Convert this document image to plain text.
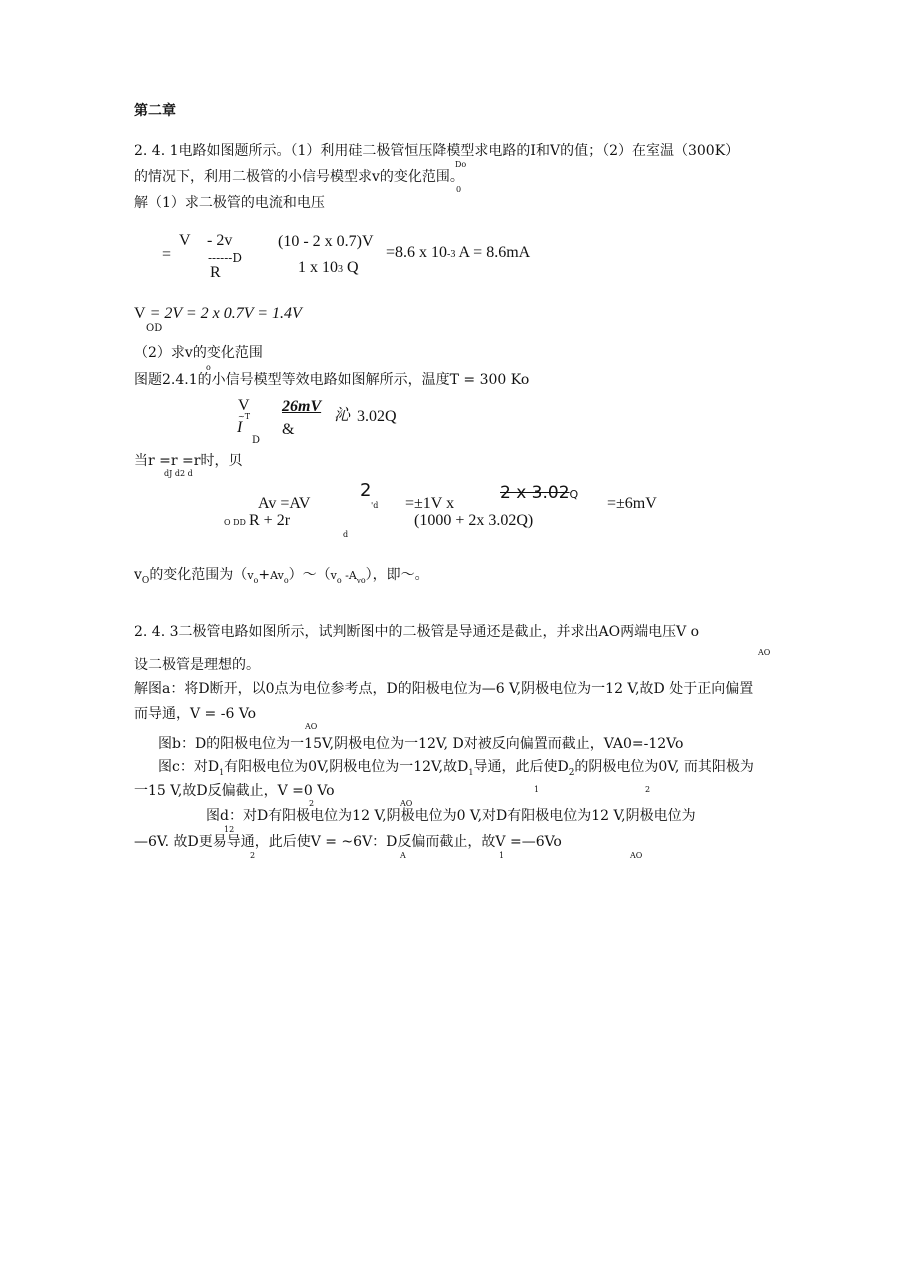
第二章
2. 4. 1电路如图题所示。（1）利用硅二极管恒压降模型求电路的I和V的值；（2）在室温（300K）
Do
的情况下，利用二极管的小信号模型求v的变化范围。
0
解（1）求二极管的电流和电压
=
V - 2v
------D
R
(10 - 2 x 0.7)V
1 x 103 Q
=8.6 x 10-3 A = 8.6mA
V = 2V = 2 x 0.7V = 1.4V
OD
o
（2）求v的变化范围
图题2.4.1的小信号模型等效电路如图解所示，温度T = 300 Ko
V
~T
I
D
26mV
&
沁 3.02Q
当r =r =r时，贝
dJ d2 d
Av =AV
O DD R + 2r
d
2
'd =±1V x
2 x 3.02Q
(1000 + 2x 3.02Q)
=±6mV
$v_O$的变化范围为$(v_o+Av_o)\sim(v_o$ $-A_{vo}$），即～。
2. 4. 3二极管电路如图所示，试判断图中的二极管是导通还是截止，并求出AO两端电压V o
AO
设二极管是理想的。
解图a：将D断开，以0点为电位参考点，D的阳极电位为—6 V,阴极电位为一12 V,故D 处于正向偏置
而导通，V = -6 Vo
AO
图b：D的阳极电位为一15V,阴极电位为一12V, D对被反向偏置而截止，VA0=-12Vo
图c：对$D_1$有阳极电位为0V,阴极电位为一12V,故$D_1$导通，此后使$D_2$的阴极电位为0V, 而其阳极为
一15 V,故D反偏截止，V =0 Vo	1	2
2	AO
图d：对D有阳极电位为12 V,阴极电位为0 V,对D有阳极电位为12 V,阴极电位为
12
—6V. 故D更易导通，此后使V = ~6V：D反偏而截止，故V =—6Vo
2	A	1	AO
